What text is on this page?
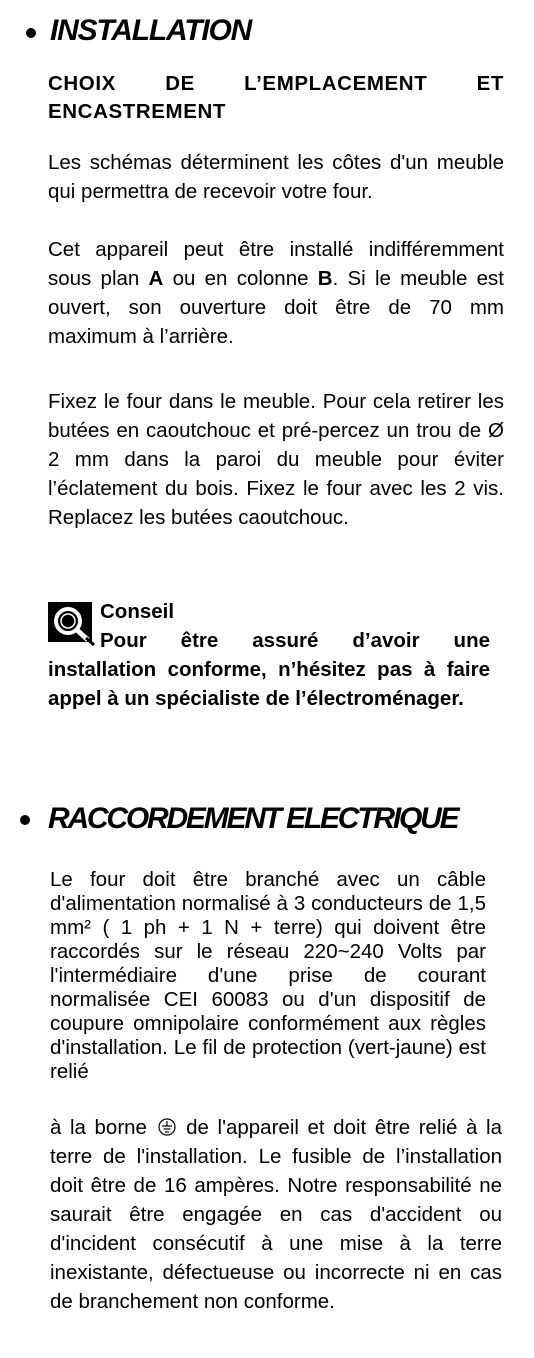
INSTALLATION

CHOIX DE L’EMPLACEMENT ET ENCASTREMENT

Les schémas déterminent les côtes d'un meuble qui permettra de recevoir votre four.

Cet appareil peut être installé indifféremment sous plan A ou en colonne B. Si le meuble est ouvert, son ouverture doit être de 70 mm maximum à l’arrière.

Fixez le four dans le meuble. Pour cela retirer les butées en caoutchouc et pré-percez un trou de Ø 2 mm dans la paroi du meuble pour éviter l’éclatement du bois. Fixez le four avec les 2 vis. Replacez les butées caoutchouc.

Conseil

Pour être assuré d’avoir une installation conforme, n’hésitez pas à faire appel à un spécialiste de l’électroménager.

RACCORDEMENT ELECTRIQUE

Le four doit être branché avec un câble d'alimentation normalisé à 3 conducteurs de 1,5 mm² ( 1 ph + 1 N + terre) qui doivent être raccordés sur le réseau 220~240 Volts par l'intermédiaire d'une prise de courant normalisée CEI 60083 ou d'un dispositif de coupure omnipolaire conformément aux règles d'installation. Le fil de protection (vert-jaune) est relié

à la borne  de l'appareil et doit être relié à la terre de l'installation. Le fusible de l’installation doit être de 16 ampères. Notre responsabilité ne saurait être engagée en cas d'accident ou d'incident consécutif à une mise à la terre inexistante, défectueuse ou incorrecte ni en cas de branchement non conforme.
